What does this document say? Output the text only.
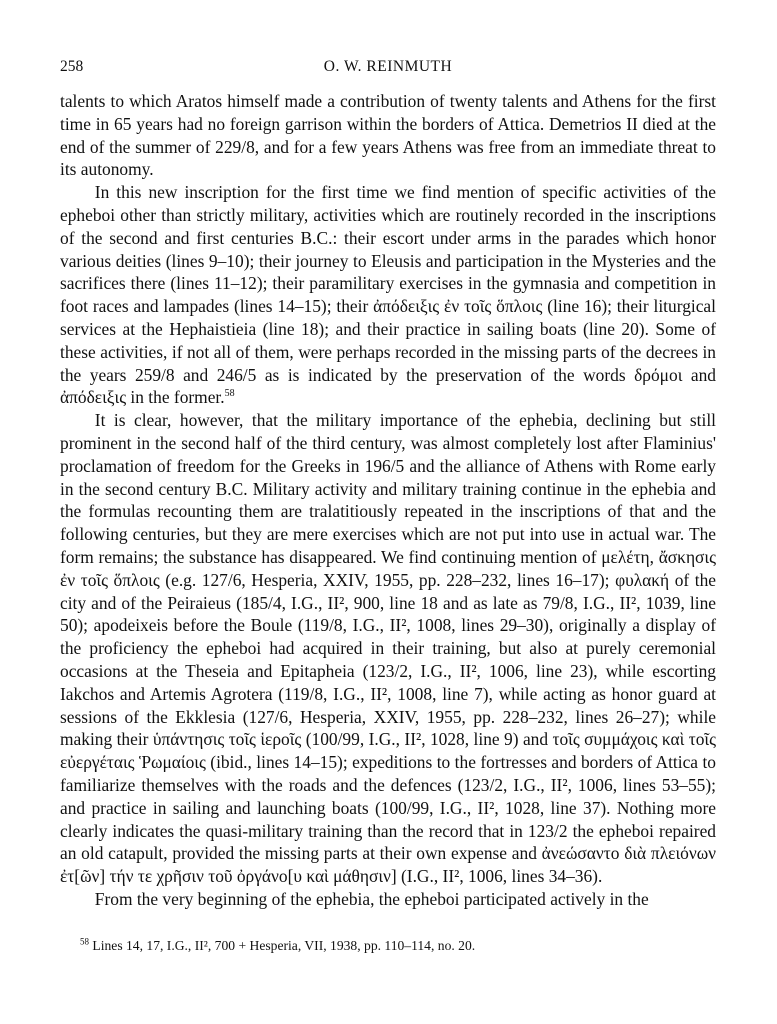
258	O. W. REINMUTH

talents to which Aratos himself made a contribution of twenty talents and Athens for the first time in 65 years had no foreign garrison within the borders of Attica. Demetrios II died at the end of the summer of 229/8, and for a few years Athens was free from an immediate threat to its autonomy.

In this new inscription for the first time we find mention of specific activities of the epheboi other than strictly military, activities which are routinely recorded in the inscriptions of the second and first centuries B.C.: their escort under arms in the parades which honor various deities (lines 9–10); their journey to Eleusis and participation in the Mysteries and the sacrifices there (lines 11–12); their paramilitary exercises in the gymnasia and competition in foot races and lampades (lines 14–15); their ἀπόδειξις ἐν τοῖς ὅπλοις (line 16); their liturgical services at the Hephaistieia (line 18); and their practice in sailing boats (line 20). Some of these activities, if not all of them, were perhaps recorded in the missing parts of the decrees in the years 259/8 and 246/5 as is indicated by the preservation of the words δρόμοι and ἀπόδειξις in the former.$^{58}$

It is clear, however, that the military importance of the ephebia, declining but still prominent in the second half of the third century, was almost completely lost after Flaminius' proclamation of freedom for the Greeks in 196/5 and the alliance of Athens with Rome early in the second century B.C. Military activity and military training continue in the ephebia and the formulas recounting them are tralatitiously repeated in the inscriptions of that and the following centuries, but they are mere exercises which are not put into use in actual war. The form remains; the substance has disappeared. We find continuing mention of μελέτη, ἄσκησις ἐν τοῖς ὅπλοις (e.g. 127/6, Hesperia, XXIV, 1955, pp. 228–232, lines 16–17); φυλακή of the city and of the Peiraieus (185/4, I.G., II², 900, line 18 and as late as 79/8, I.G., II², 1039, line 50); apodeixeis before the Boule (119/8, I.G., II², 1008, lines 29–30), originally a display of the proficiency the epheboi had acquired in their training, but also at purely ceremonial occasions at the Theseia and Epitapheia (123/2, I.G., II², 1006, line 23), while escorting Iakchos and Artemis Agrotera (119/8, I.G., II², 1008, line 7), while acting as honor guard at sessions of the Ekklesia (127/6, Hesperia, XXIV, 1955, pp. 228–232, lines 26–27); while making their ὑπάντησις τοῖς ἱεροῖς (100/99, I.G., II², 1028, line 9) and τοῖς συμμάχοις καὶ τοῖς εὐεργέταις Ῥωμαίοις (ibid., lines 14–15); expeditions to the fortresses and borders of Attica to familiarize themselves with the roads and the defences (123/2, I.G., II², 1006, lines 53–55); and practice in sailing and launching boats (100/99, I.G., II², 1028, line 37). Nothing more clearly indicates the quasi-military training than the record that in 123/2 the epheboi repaired an old catapult, provided the missing parts at their own expense and ἀνεώσαντο διὰ πλειόνων ἐτ[ῶν] τήν τε χρῆσιν τοῦ ὀργάνο[υ καὶ μάθησιν] (I.G., II², 1006, lines 34–36).

From the very beginning of the ephebia, the epheboi participated actively in the

$^{58}$ Lines 14, 17, I.G., II², 700 + Hesperia, VII, 1938, pp. 110–114, no. 20.
